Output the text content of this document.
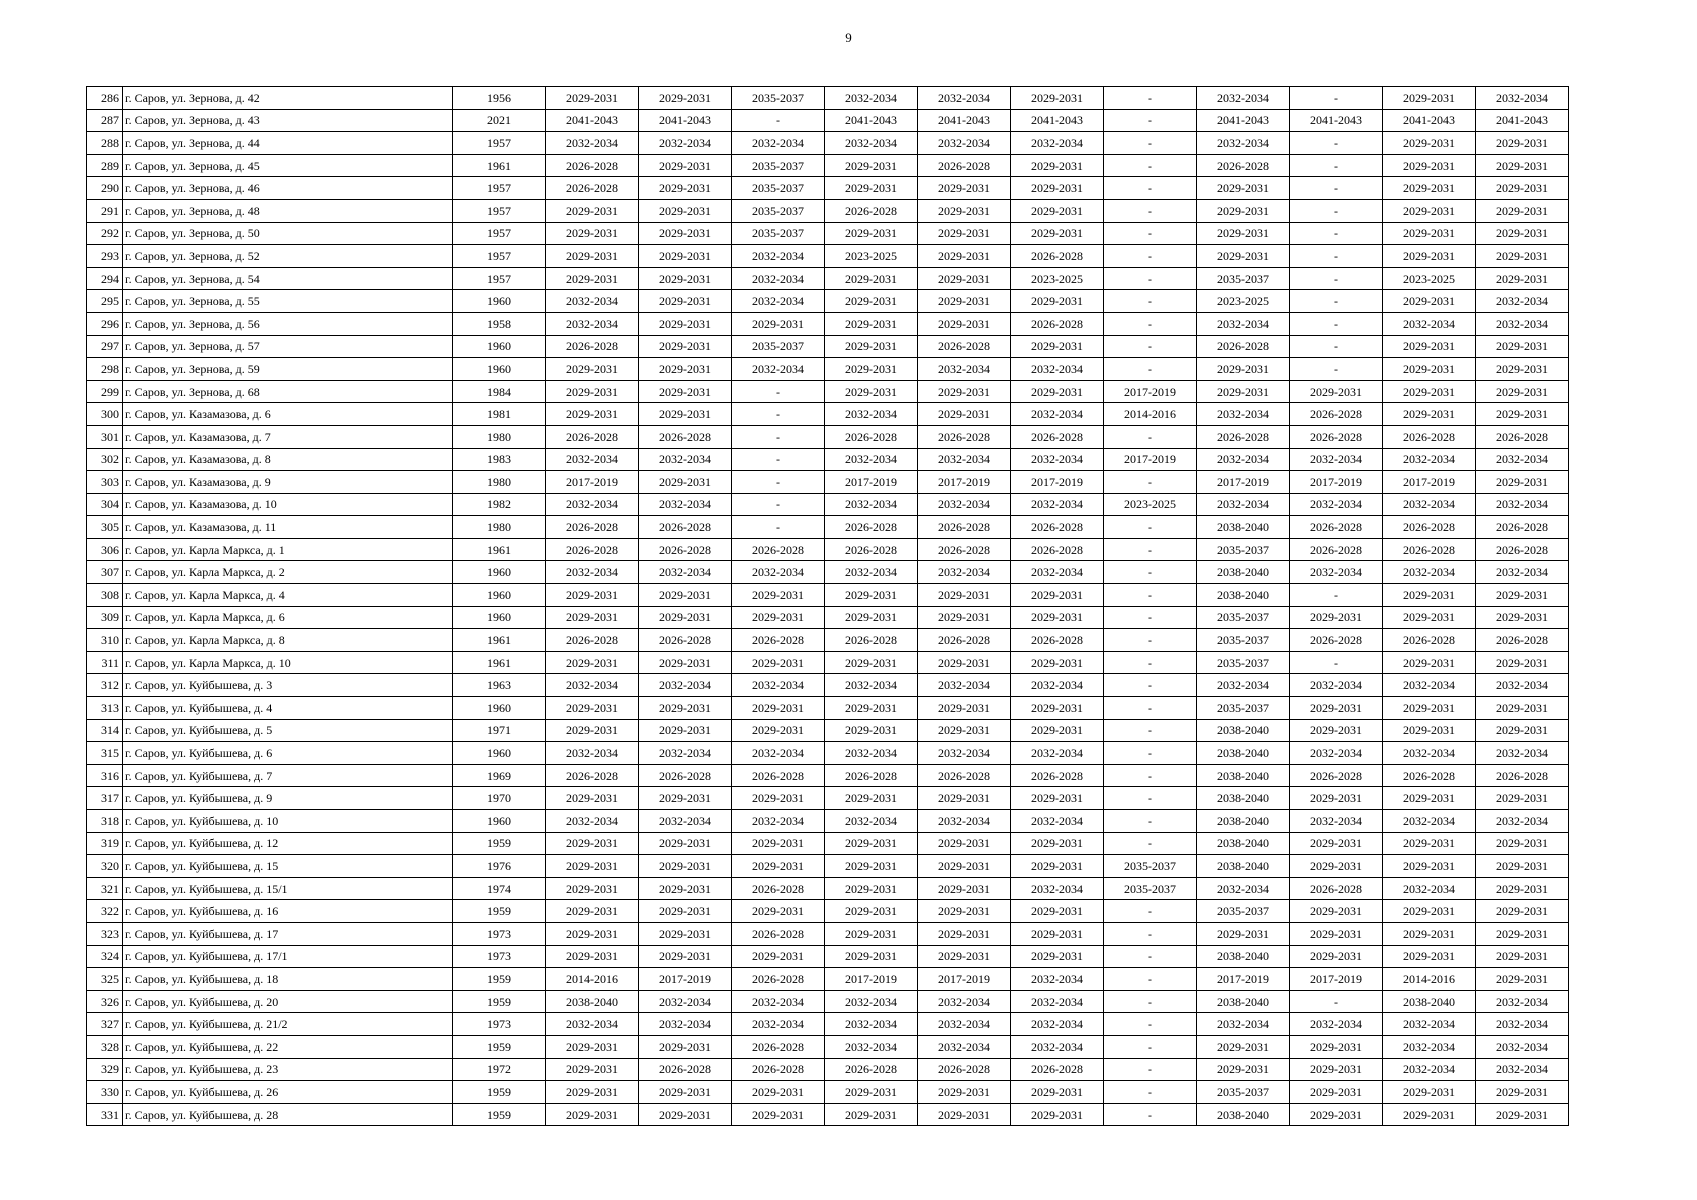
9
286	г. Саров, ул. Зернова, д. 42	1956	2029-2031	2029-2031	2035-2037	2032-2034	2032-2034	2029-2031	-	2032-2034	-	2029-2031	2032-2034
287	г. Саров, ул. Зернова, д. 43	2021	2041-2043	2041-2043	-	2041-2043	2041-2043	2041-2043	-	2041-2043	2041-2043	2041-2043	2041-2043
288	г. Саров, ул. Зернова, д. 44	1957	2032-2034	2032-2034	2032-2034	2032-2034	2032-2034	2032-2034	-	2032-2034	-	2029-2031	2029-2031
289	г. Саров, ул. Зернова, д. 45	1961	2026-2028	2029-2031	2035-2037	2029-2031	2026-2028	2029-2031	-	2026-2028	-	2029-2031	2029-2031
290	г. Саров, ул. Зернова, д. 46	1957	2026-2028	2029-2031	2035-2037	2029-2031	2029-2031	2029-2031	-	2029-2031	-	2029-2031	2029-2031
291	г. Саров, ул. Зернова, д. 48	1957	2029-2031	2029-2031	2035-2037	2026-2028	2029-2031	2029-2031	-	2029-2031	-	2029-2031	2029-2031
292	г. Саров, ул. Зернова, д. 50	1957	2029-2031	2029-2031	2035-2037	2029-2031	2029-2031	2029-2031	-	2029-2031	-	2029-2031	2029-2031
293	г. Саров, ул. Зернова, д. 52	1957	2029-2031	2029-2031	2032-2034	2023-2025	2029-2031	2026-2028	-	2029-2031	-	2029-2031	2029-2031
294	г. Саров, ул. Зернова, д. 54	1957	2029-2031	2029-2031	2032-2034	2029-2031	2029-2031	2023-2025	-	2035-2037	-	2023-2025	2029-2031
295	г. Саров, ул. Зернова, д. 55	1960	2032-2034	2029-2031	2032-2034	2029-2031	2029-2031	2029-2031	-	2023-2025	-	2029-2031	2032-2034
296	г. Саров, ул. Зернова, д. 56	1958	2032-2034	2029-2031	2029-2031	2029-2031	2029-2031	2026-2028	-	2032-2034	-	2032-2034	2032-2034
297	г. Саров, ул. Зернова, д. 57	1960	2026-2028	2029-2031	2035-2037	2029-2031	2026-2028	2029-2031	-	2026-2028	-	2029-2031	2029-2031
298	г. Саров, ул. Зернова, д. 59	1960	2029-2031	2029-2031	2032-2034	2029-2031	2032-2034	2032-2034	-	2029-2031	-	2029-2031	2029-2031
299	г. Саров, ул. Зернова, д. 68	1984	2029-2031	2029-2031	-	2029-2031	2029-2031	2029-2031	2017-2019	2029-2031	2029-2031	2029-2031	2029-2031
300	г. Саров, ул. Казамазова, д. 6	1981	2029-2031	2029-2031	-	2032-2034	2029-2031	2032-2034	2014-2016	2032-2034	2026-2028	2029-2031	2029-2031
301	г. Саров, ул. Казамазова, д. 7	1980	2026-2028	2026-2028	-	2026-2028	2026-2028	2026-2028	-	2026-2028	2026-2028	2026-2028	2026-2028
302	г. Саров, ул. Казамазова, д. 8	1983	2032-2034	2032-2034	-	2032-2034	2032-2034	2032-2034	2017-2019	2032-2034	2032-2034	2032-2034	2032-2034
303	г. Саров, ул. Казамазова, д. 9	1980	2017-2019	2029-2031	-	2017-2019	2017-2019	2017-2019	-	2017-2019	2017-2019	2017-2019	2029-2031
304	г. Саров, ул. Казамазова, д. 10	1982	2032-2034	2032-2034	-	2032-2034	2032-2034	2032-2034	2023-2025	2032-2034	2032-2034	2032-2034	2032-2034
305	г. Саров, ул. Казамазова, д. 11	1980	2026-2028	2026-2028	-	2026-2028	2026-2028	2026-2028	-	2038-2040	2026-2028	2026-2028	2026-2028
306	г. Саров, ул. Карла Маркса, д. 1	1961	2026-2028	2026-2028	2026-2028	2026-2028	2026-2028	2026-2028	-	2035-2037	2026-2028	2026-2028	2026-2028
307	г. Саров, ул. Карла Маркса, д. 2	1960	2032-2034	2032-2034	2032-2034	2032-2034	2032-2034	2032-2034	-	2038-2040	2032-2034	2032-2034	2032-2034
308	г. Саров, ул. Карла Маркса, д. 4	1960	2029-2031	2029-2031	2029-2031	2029-2031	2029-2031	2029-2031	-	2038-2040	-	2029-2031	2029-2031
309	г. Саров, ул. Карла Маркса, д. 6	1960	2029-2031	2029-2031	2029-2031	2029-2031	2029-2031	2029-2031	-	2035-2037	2029-2031	2029-2031	2029-2031
310	г. Саров, ул. Карла Маркса, д. 8	1961	2026-2028	2026-2028	2026-2028	2026-2028	2026-2028	2026-2028	-	2035-2037	2026-2028	2026-2028	2026-2028
311	г. Саров, ул. Карла Маркса, д. 10	1961	2029-2031	2029-2031	2029-2031	2029-2031	2029-2031	2029-2031	-	2035-2037	-	2029-2031	2029-2031
312	г. Саров, ул. Куйбышева, д. 3	1963	2032-2034	2032-2034	2032-2034	2032-2034	2032-2034	2032-2034	-	2032-2034	2032-2034	2032-2034	2032-2034
313	г. Саров, ул. Куйбышева, д. 4	1960	2029-2031	2029-2031	2029-2031	2029-2031	2029-2031	2029-2031	-	2035-2037	2029-2031	2029-2031	2029-2031
314	г. Саров, ул. Куйбышева, д. 5	1971	2029-2031	2029-2031	2029-2031	2029-2031	2029-2031	2029-2031	-	2038-2040	2029-2031	2029-2031	2029-2031
315	г. Саров, ул. Куйбышева, д. 6	1960	2032-2034	2032-2034	2032-2034	2032-2034	2032-2034	2032-2034	-	2038-2040	2032-2034	2032-2034	2032-2034
316	г. Саров, ул. Куйбышева, д. 7	1969	2026-2028	2026-2028	2026-2028	2026-2028	2026-2028	2026-2028	-	2038-2040	2026-2028	2026-2028	2026-2028
317	г. Саров, ул. Куйбышева, д. 9	1970	2029-2031	2029-2031	2029-2031	2029-2031	2029-2031	2029-2031	-	2038-2040	2029-2031	2029-2031	2029-2031
318	г. Саров, ул. Куйбышева, д. 10	1960	2032-2034	2032-2034	2032-2034	2032-2034	2032-2034	2032-2034	-	2038-2040	2032-2034	2032-2034	2032-2034
319	г. Саров, ул. Куйбышева, д. 12	1959	2029-2031	2029-2031	2029-2031	2029-2031	2029-2031	2029-2031	-	2038-2040	2029-2031	2029-2031	2029-2031
320	г. Саров, ул. Куйбышева, д. 15	1976	2029-2031	2029-2031	2029-2031	2029-2031	2029-2031	2029-2031	2035-2037	2038-2040	2029-2031	2029-2031	2029-2031
321	г. Саров, ул. Куйбышева, д. 15/1	1974	2029-2031	2029-2031	2026-2028	2029-2031	2029-2031	2032-2034	2035-2037	2032-2034	2026-2028	2032-2034	2029-2031
322	г. Саров, ул. Куйбышева, д. 16	1959	2029-2031	2029-2031	2029-2031	2029-2031	2029-2031	2029-2031	-	2035-2037	2029-2031	2029-2031	2029-2031
323	г. Саров, ул. Куйбышева, д. 17	1973	2029-2031	2029-2031	2026-2028	2029-2031	2029-2031	2029-2031	-	2029-2031	2029-2031	2029-2031	2029-2031
324	г. Саров, ул. Куйбышева, д. 17/1	1973	2029-2031	2029-2031	2029-2031	2029-2031	2029-2031	2029-2031	-	2038-2040	2029-2031	2029-2031	2029-2031
325	г. Саров, ул. Куйбышева, д. 18	1959	2014-2016	2017-2019	2026-2028	2017-2019	2017-2019	2032-2034	-	2017-2019	2017-2019	2014-2016	2029-2031
326	г. Саров, ул. Куйбышева, д. 20	1959	2038-2040	2032-2034	2032-2034	2032-2034	2032-2034	2032-2034	-	2038-2040	-	2038-2040	2032-2034
327	г. Саров, ул. Куйбышева, д. 21/2	1973	2032-2034	2032-2034	2032-2034	2032-2034	2032-2034	2032-2034	-	2032-2034	2032-2034	2032-2034	2032-2034
328	г. Саров, ул. Куйбышева, д. 22	1959	2029-2031	2029-2031	2026-2028	2032-2034	2032-2034	2032-2034	-	2029-2031	2029-2031	2032-2034	2032-2034
329	г. Саров, ул. Куйбышева, д. 23	1972	2029-2031	2026-2028	2026-2028	2026-2028	2026-2028	2026-2028	-	2029-2031	2029-2031	2032-2034	2032-2034
330	г. Саров, ул. Куйбышева, д. 26	1959	2029-2031	2029-2031	2029-2031	2029-2031	2029-2031	2029-2031	-	2035-2037	2029-2031	2029-2031	2029-2031
331	г. Саров, ул. Куйбышева, д. 28	1959	2029-2031	2029-2031	2029-2031	2029-2031	2029-2031	2029-2031	-	2038-2040	2029-2031	2029-2031	2029-2031
